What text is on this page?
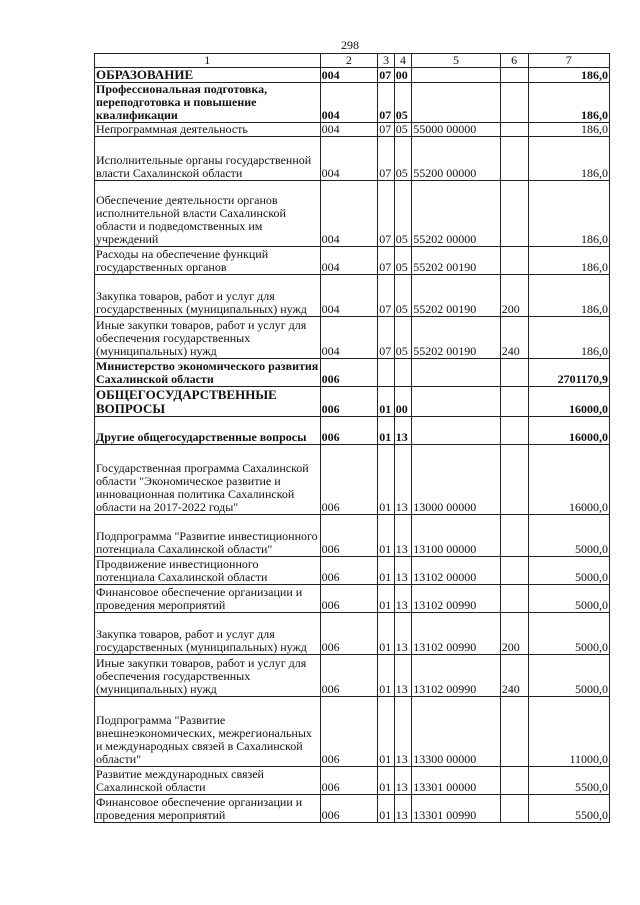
298
1	2	3	4	5	6	7
ОБРАЗОВАНИЕ	004	07	00			186,0
Профессиональная подготовка, переподготовка и повышение квалификации	004	07	05			186,0
Непрограммная деятельность	004	07	05	55000 00000		186,0
Исполнительные органы государственной власти Сахалинской области	004	07	05	55200 00000		186,0
Обеспечение деятельности органов исполнительной власти Сахалинской области и подведомственных им учреждений	004	07	05	55202 00000		186,0
Расходы на обеспечение функций государственных органов	004	07	05	55202 00190		186,0
Закупка товаров, работ и услуг для государственных (муниципальных) нужд	004	07	05	55202 00190	200	186,0
Иные закупки товаров, работ и услуг для обеспечения государственных (муниципальных) нужд	004	07	05	55202 00190	240	186,0
Министерство экономического развития Сахалинской области	006					2701170,9
ОБЩЕГОСУДАРСТВЕННЫЕ ВОПРОСЫ	006	01	00			16000,0
Другие общегосударственные вопросы	006	01	13			16000,0
Государственная программа Сахалинской области "Экономическое развитие и инновационная политика Сахалинской области на 2017-2022 годы"	006	01	13	13000 00000		16000,0
Подпрограмма "Развитие инвестиционного потенциала Сахалинской области"	006	01	13	13100 00000		5000,0
Продвижение инвестиционного потенциала Сахалинской области	006	01	13	13102 00000		5000,0
Финансовое обеспечение организации и проведения мероприятий	006	01	13	13102 00990		5000,0
Закупка товаров, работ и услуг для государственных (муниципальных) нужд	006	01	13	13102 00990	200	5000,0
Иные закупки товаров, работ и услуг для обеспечения государственных (муниципальных) нужд	006	01	13	13102 00990	240	5000,0
Подпрограмма "Развитие внешнеэкономических, межрегиональных и международных связей в Сахалинской области"	006	01	13	13300 00000		11000,0
Развитие международных связей Сахалинской области	006	01	13	13301 00000		5500,0
Финансовое обеспечение организации и проведения мероприятий	006	01	13	13301 00990		5500,0
